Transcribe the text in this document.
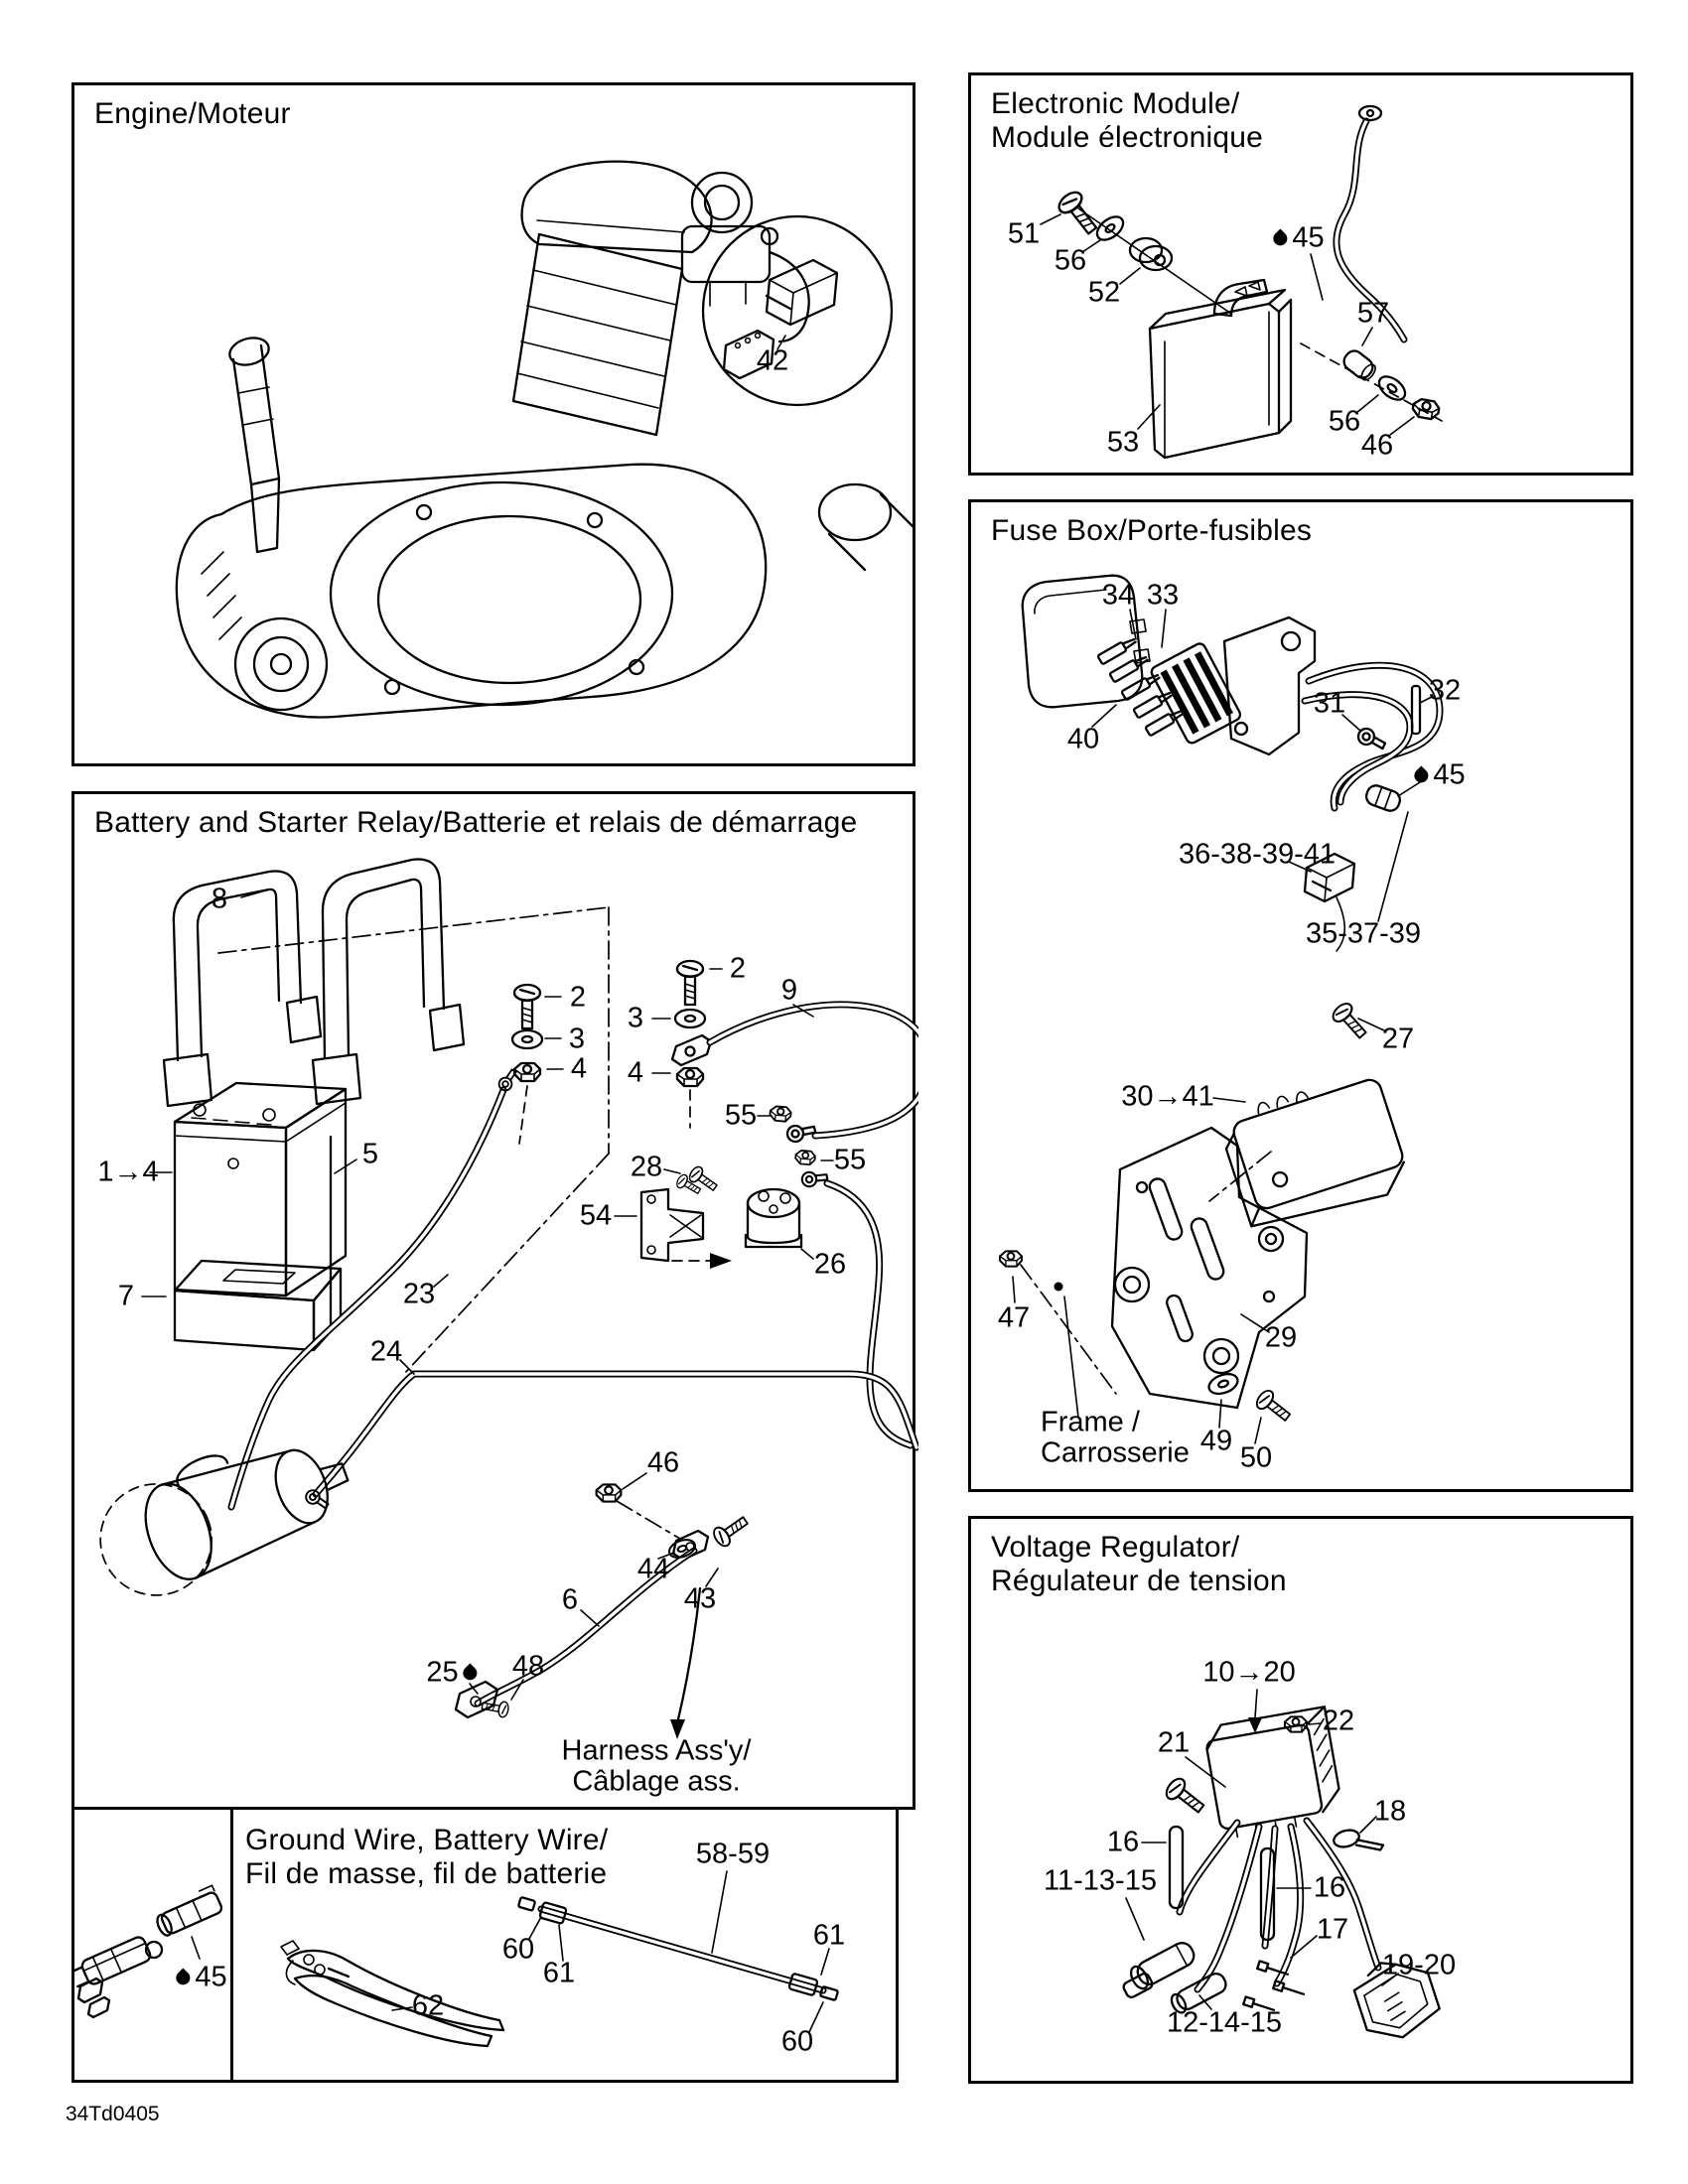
Engine/Moteur
42
Electronic Module/
Module électronique
51
56
52
45
57
53
56
46
Fuse Box/Porte-fusibles
34 33
40
31	32
45
36-38-39-41
35-37-39
27
30→41
47
29
49
50
Frame /
Carrosserie
Battery and Starter Relay/Batterie et relais de démarrage
8
2
3
4
2
3
4
9
55
55
28
54
26
1→4
5
7	23
24
46
6
44
43
25 48
Harness Ass'y/
Câblage ass.
45
Ground Wire, Battery Wire/
Fil de masse, fil de batterie
58-59
60
61
62
61
60
Voltage Regulator/
Régulateur de tension
10→20
22
21
18
16
11-13-15	16
17
19-20
12-14-15
34Td0405
